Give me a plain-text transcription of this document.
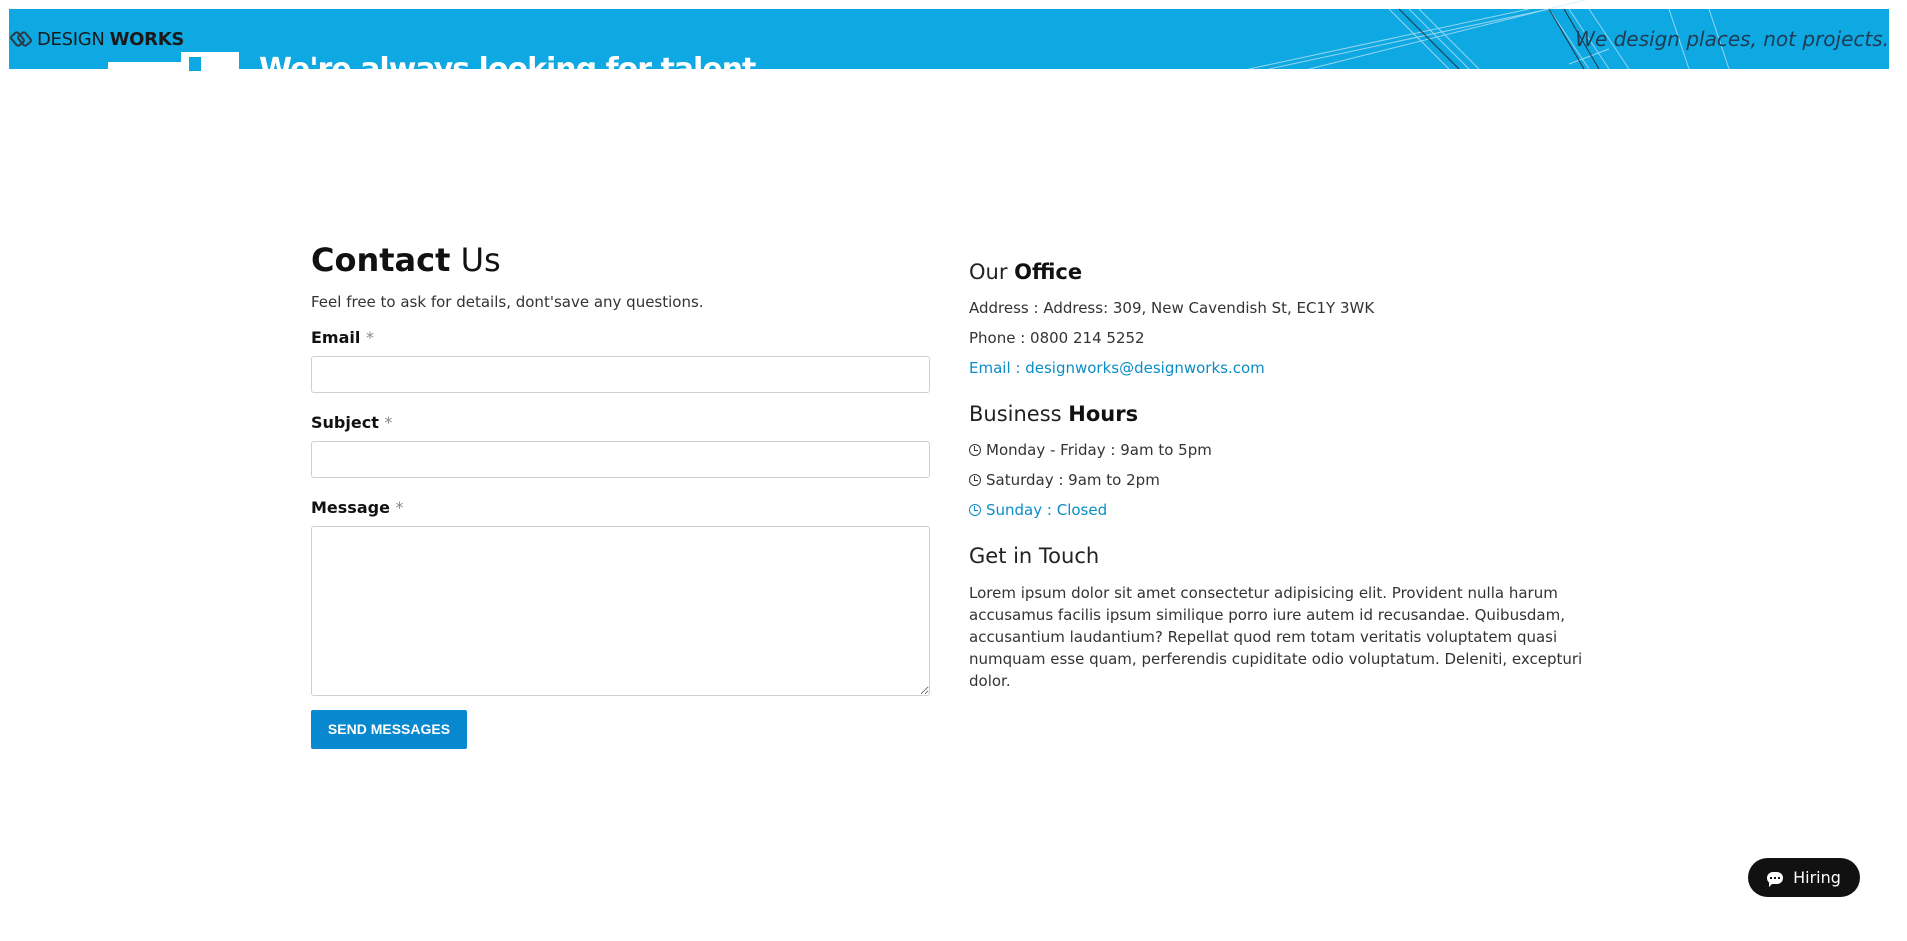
We're always looking for talent
DESIGN WORKS	We design places, not projects.
Contact Us
Feel free to ask for details, dont'save any questions.
Email *
Subject *
Message *
SEND MESSAGES
Our Office
Address : Address: 309, New Cavendish St, EC1Y 3WK
Phone : 0800 214 5252
Email : designworks@designworks.com
Business Hours
Monday - Friday : 9am to 5pm
Saturday : 9am to 2pm
Sunday : Closed
Get in Touch
Lorem ipsum dolor sit amet consectetur adipisicing elit. Provident nulla harum accusamus facilis ipsum similique porro iure autem id recusandae. Quibusdam, accusantium laudantium? Repellat quod rem totam veritatis voluptatem quasi numquam esse quam, perferendis cupiditate odio voluptatum. Deleniti, excepturi dolor.
Hiring
